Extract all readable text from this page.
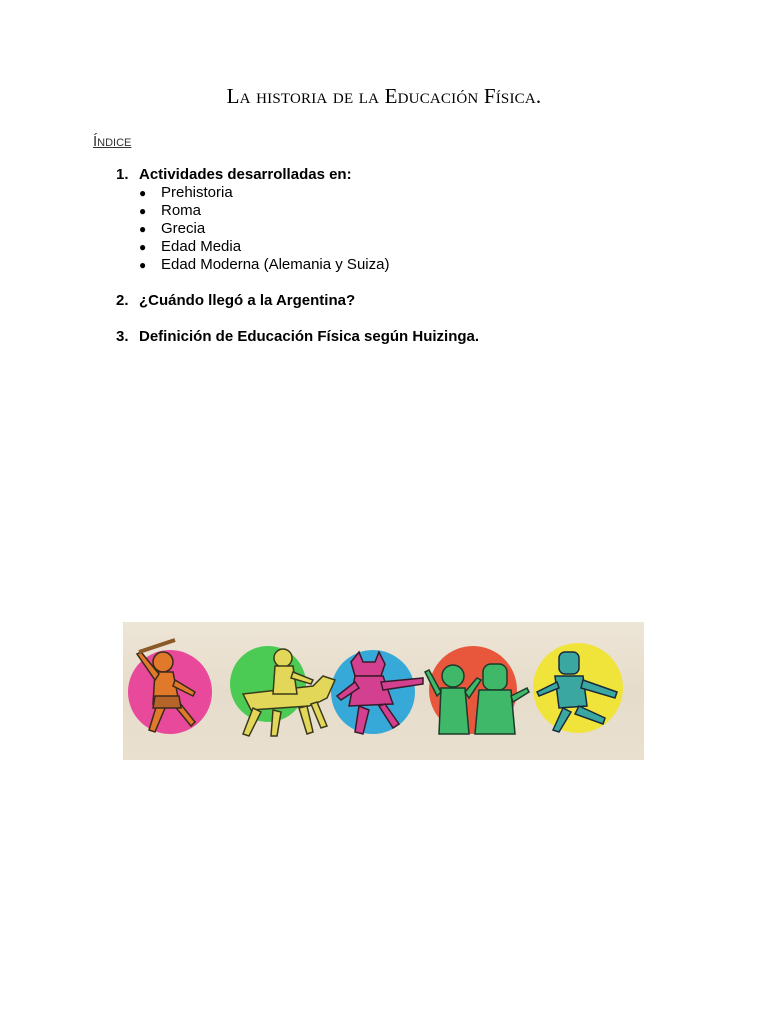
La historia de la Educación Física.
Índice
1. Actividades desarrolladas en:
● Prehistoria
● Roma
● Grecia
● Edad Media
● Edad Moderna (Alemania y Suiza)
2. ¿Cuándo llegó a la Argentina?
3. Definición de Educación Física según Huizinga.
